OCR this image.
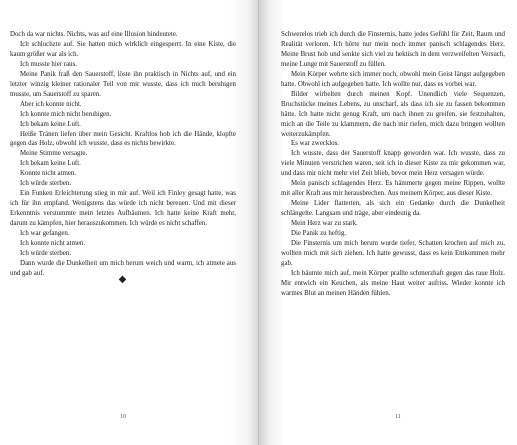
Doch da war nichts. Nichts, was auf eine Illusion hindeutete.

Ich schluchzte auf. Sie hatten mich wirklich eingesperrt. In eine Kiste, die kaum größer war als ich.

Ich musste hier raus.

Meine Panik fraß den Sauerstoff, löste ihn praktisch in Nichts auf, und ein letzter winzig kleiner rationaler Teil von mir wusste, dass ich mich beruhigen musste, um Sauerstoff zu sparen.

Aber ich konnte nicht.

Ich konnte mich nicht beruhigen.

Ich bekam keine Luft.

Heiße Tränen liefen über mein Gesicht. Kraftlos hob ich die Hände, klopfte gegen das Holz, obwohl ich wusste, dass es nichts bewirkte.

Meine Stimme versagte.

Ich bekam keine Luft.

Konnte nicht atmen.

Ich würde sterben.

Ein Funken Erleichterung stieg in mir auf. Weil ich Finley gesagt hatte, was ich für ihn empfand. Wenigstens das würde ich nicht bereuen. Und mit dieser Erkenntnis verstummte mein letztes Aufbäumen. Ich hatte keine Kraft mehr, darum zu kämpfen, hier herauszukommen. Ich würde es nicht schaffen.

Ich war gefangen.

Ich konnte nicht atmen.

Ich würde sterben.

Dann wurde die Dunkelheit um mich herum weich und warm, ich atmete aus und gab auf.

◆
10

Schwerelos trieb ich durch die Finsternis, hatte jedes Gefühl für Zeit, Raum und Realität verloren. Ich hörte nur mein noch immer panisch schlagendes Herz. Meine Brust hob und senkte sich viel zu hektisch in dem verzweifelten Versuch, meine Lunge mit Sauerstoff zu füllen.

Mein Körper wehrte sich immer noch, obwohl mein Geist längst aufgegeben hatte. Obwohl ich aufgegeben hatte. Ich wollte nur, dass es vorbei war.

Bilder wirbelten durch meinen Kopf. Unendlich viele Sequenzen, Bruchstücke meines Lebens, zu unscharf, als dass ich sie zu fassen bekommen hätte. Ich hatte nicht genug Kraft, um nach ihnen zu greifen, sie festzuhalten, mich an die Teile zu klammern, die nach mir riefen, mich dazu bringen wollten weiterzukämpfen.

Es war zwecklos.

Ich wusste, dass der Sauerstoff knapp geworden war. Ich wusste, dass zu viele Minuten verstrichen waren, seit ich in dieser Kiste zu mir gekommen war, und dass mir nicht mehr viel Zeit blieb, bevor mein Herz versagen würde.

Mein panisch schlagendes Herz. Es hämmerte gegen meine Rippen, wollte mit aller Kraft aus mir herausbrechen. Aus meinem Körper, aus dieser Kiste.

Meine Lider flatterten, als sich ein Gedanke durch die Dunkelheit schlängelte. Langsam und träge, aber eindeutig da.

Mein Herz war zu stark.

Die Panik zu heftig.

Die Finsternis um mich herum wurde tiefer, Schatten krochen auf mich zu, wollten mich mit sich ziehen. Ich hatte gewusst, dass es kein Entkommen mehr gab.

Ich bäumte mich auf, mein Körper prallte schmerzhaft gegen das raue Holz. Mir entwich ein Keuchen, als meine Haut weiter aufriss. Wieder konnte ich warmes Blut an meinen Händen fühlen.

11
